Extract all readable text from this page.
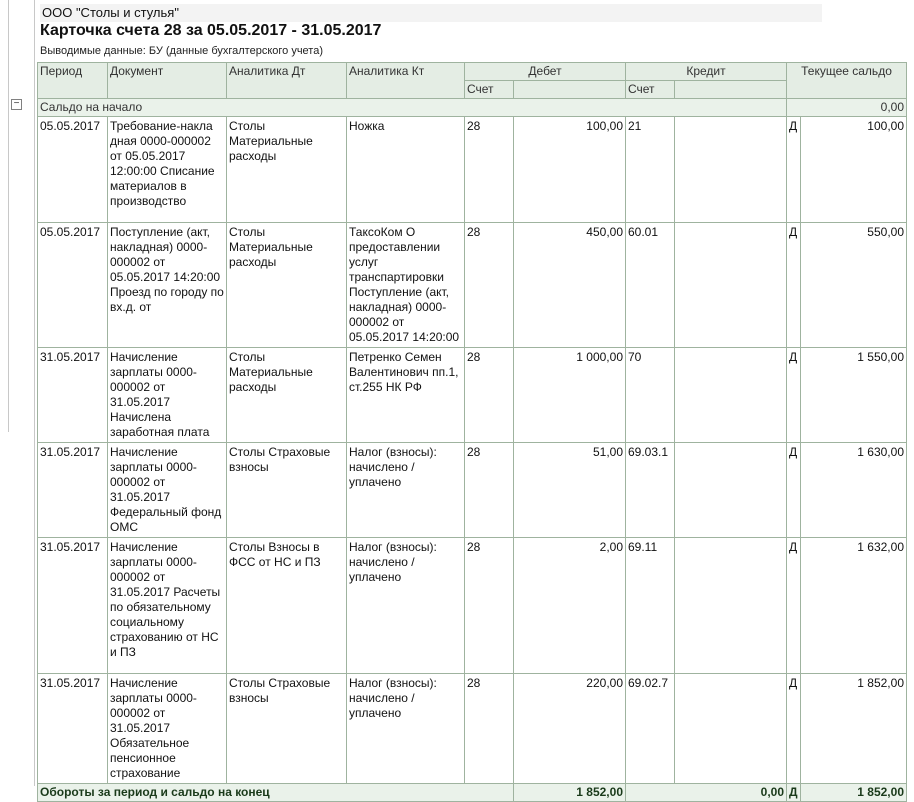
−
ООО "Столы и стулья"
Карточка счета 28 за 05.05.2017 - 31.05.2017
Выводимые данные: БУ (данные бухгалтерского учета)
Период	Документ	Аналитика Дт	Аналитика Кт	Дебет		Кредит		Текущее сальдо	
				Счет		Счет			
Сальдо на начало								0,00	
05.05.2017	Требование-накла дная 0000-000002 от 05.05.2017 12:00:00 Списание материалов в производство	Столы Материальные расходы	Ножка	28	100,00	21		Д	100,00
05.05.2017	Поступление (акт, накладная) 0000-000002 от 05.05.2017 14:20:00 Проезд по городу по вх.д. от	Столы Материальные расходы	ТаксоКом О предоставлении услуг транспартировки Поступление (акт, накладная) 0000-000002 от 05.05.2017 14:20:00	28	450,00	60.01		Д	550,00
31.05.2017	Начисление зарплаты 0000-000002 от 31.05.2017 Начислена заработная плата	Столы Материальные расходы	Петренко Семен Валентинович пп.1, ст.255 НК РФ	28	1 000,00	70		Д	1 550,00
31.05.2017	Начисление зарплаты 0000-000002 от 31.05.2017 Федеральный фонд ОМС	Столы Страховые взносы	Налог (взносы): начислено / уплачено	28	51,00	69.03.1		Д	1 630,00
31.05.2017	Начисление зарплаты 0000-000002 от 31.05.2017 Расчеты по обязательному социальному страхованию от НС и ПЗ	Столы Взносы в ФСС от НС и ПЗ	Налог (взносы): начислено / уплачено	28	2,00	69.11		Д	1 632,00
31.05.2017	Начисление зарплаты 0000-000002 от 31.05.2017 Обязательное пенсионное страхование	Столы Страховые взносы	Налог (взносы): начислено / уплачено	28	220,00	69.02.7		Д	1 852,00
Обороты за период и сальдо на конец					1 852,00	0,00		Д	1 852,00
